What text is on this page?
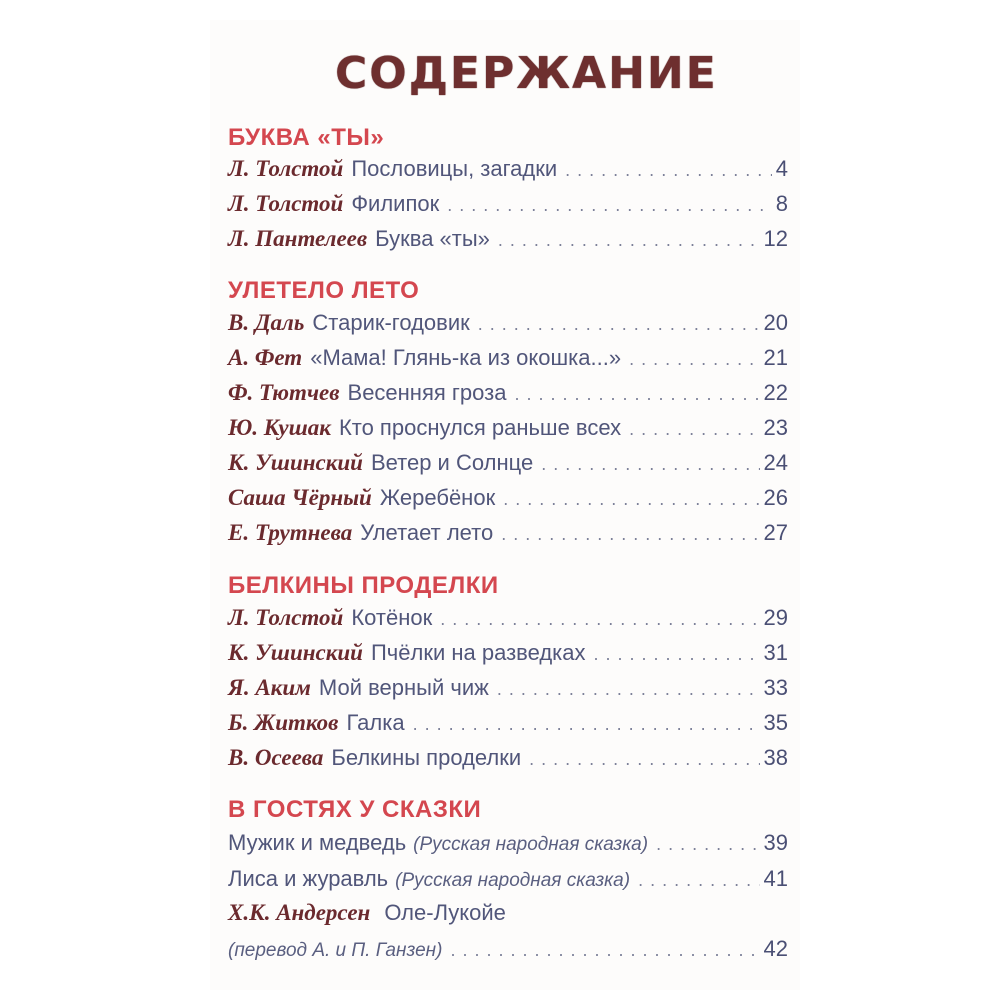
СОДЕРЖАНИЕ
БУКВА «ТЫ»
Л. Толстой Пословицы, загадки . . .	4
Л. Толстой Филипок . . .	8
Л. Пантелеев Буква «ты» . . .	12
УЛЕТЕЛО ЛЕТО
В. Даль Старик-годовик . . .	20
А. Фет «Мама! Глянь-ка из окошка...» . . .	21
Ф. Тютчев Весенняя гроза . . .	22
Ю. Кушак Кто проснулся раньше всех . . .	23
К. Ушинский Ветер и Солнце . . .	24
Саша Чёрный Жеребёнок . . .	26
Е. Трутнева Улетает лето . . .	27
БЕЛКИНЫ ПРОДЕЛКИ
Л. Толстой Котёнок . . .	29
К. Ушинский Пчёлки на разведках . . .	31
Я. Аким Мой верный чиж . . .	33
Б. Житков Галка . . .	35
В. Осеева Белкины проделки . . .	38
В ГОСТЯХ У СКАЗКИ
Мужик и медведь (Русская народная сказка) . . .	39
Лиса и журавль (Русская народная сказка) . . .	41
Х.К. Андерсен Оле-Лукойе
(перевод А. и П. Ганзен) . . .	42
